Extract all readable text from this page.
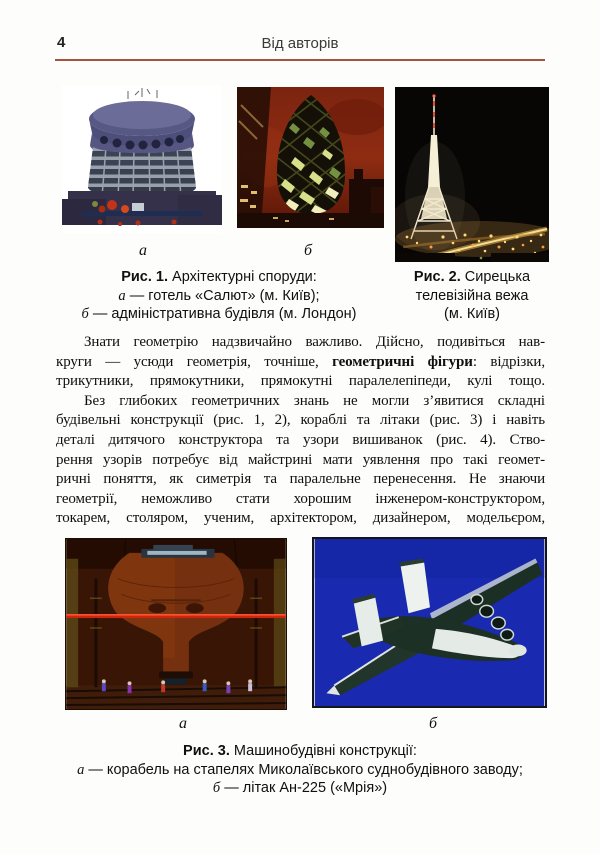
4	Від авторів
а	б
Рис. 1. Архітектурні споруди:
а — готель «Салют» (м. Київ);
б — адміністративна будівля (м. Лондон)
Рис. 2. Сирецька
телевізійна вежа
(м. Київ)
Знати геометрію надзвичайно важливо. Дійсно, подивіться нав-
круги — усюди геометрія, точніше, геометричні фігури: відрізки,
трикутники, прямокутники, прямокутні паралелепіпеди, кулі тощо.
Без глибоких геометричних знань не могли з’явитися складні
будівельні конструкції (рис. 1, 2), кораблі та літаки (рис. 3) і навіть
деталі дитячого конструктора та узори вишиванок (рис. 4). Ство-
рення узорів потребує від майстрині мати уявлення про такі геомет-
ричні поняття, як симетрія та паралельне перенесення. Не знаючи
геометрії, неможливо стати хорошим інженером-конструктором,
токарем, столяром, ученим, архітектором, дизайнером, модельєром,
а	б
Рис. 3. Машинобудівні конструкції:
а — корабель на стапелях Миколаївського суднобудівного заводу;
б — літак Ан-225 («Мрія»)
